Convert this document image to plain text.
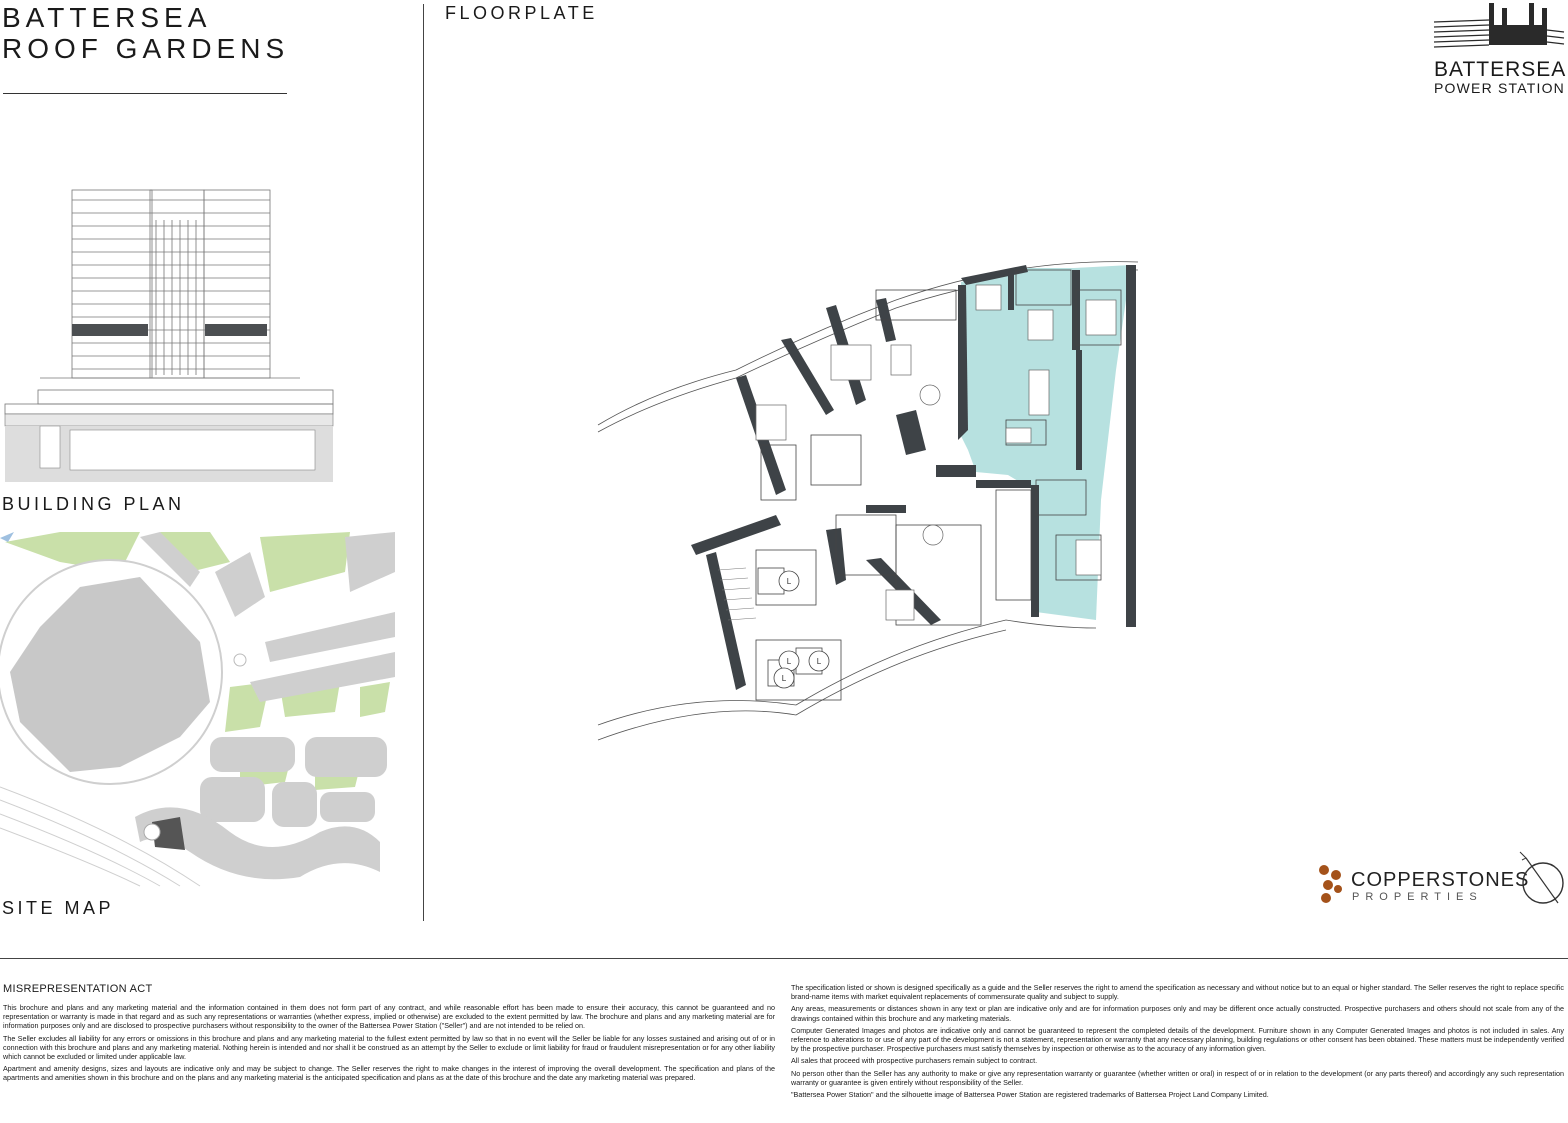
BATTERSEA
ROOF GARDENS
FLOORPLATE
BUILDING PLAN
SITE MAP
BATTERSEA
POWER STATION
L
L	L
L
COPPERSTONES
PROPERTIES
MISREPRESENTATION ACT

This brochure and plans and any marketing material and the information contained in them does not form part of any contract, and while reasonable effort has been made to ensure their accuracy, this cannot be guaranteed and no representation or warranty is made in that regard and as such any representations or warranties (whether express, implied or otherwise) are excluded to the extent permitted by law. The brochure and plans and any marketing material are for information purposes only and are disclosed to prospective purchasers without responsibility to the owner of the Battersea Power Station ("Seller") and are not intended to be relied on.

The Seller excludes all liability for any errors or omissions in this brochure and plans and any marketing material to the fullest extent permitted by law so that in no event will the Seller be liable for any losses sustained and arising out of or in connection with this brochure and plans and any marketing material. Nothing herein is intended and nor shall it be construed as an attempt by the Seller to exclude or limit liability for fraud or fraudulent misrepresentation or for any other liability which cannot be excluded or limited under applicable law.

Apartment and amenity designs, sizes and layouts are indicative only and may be subject to change. The Seller reserves the right to make changes in the interest of improving the overall development. The specification and plans of the apartments and amenities shown in this brochure and on the plans and any marketing material is the anticipated specification and plans as at the date of this brochure and the date any marketing material was prepared.

The specification listed or shown is designed specifically as a guide and the Seller reserves the right to amend the specification as necessary and without notice but to an equal or higher standard. The Seller reserves the right to replace specific brand-name items with market equivalent replacements of commensurate quality and subject to supply.

Any areas, measurements or distances shown in any text or plan are indicative only and are for information purposes only and may be different once actually constructed. Prospective purchasers and others should not scale from any of the drawings contained within this brochure and any marketing materials.

Computer Generated Images and photos are indicative only and cannot be guaranteed to represent the completed details of the development. Furniture shown in any Computer Generated Images and photos is not included in sales. Any reference to alterations to or use of any part of the development is not a statement, representation or warranty that any necessary planning, building regulations or other consent has been obtained. These matters must be independently verified by the prospective purchaser. Prospective purchasers must satisfy themselves by inspection or otherwise as to the accuracy of any information given.

All sales that proceed with prospective purchasers remain subject to contract.

No person other than the Seller has any authority to make or give any representation warranty or guarantee (whether written or oral) in respect of or in relation to the development (or any parts thereof) and accordingly any such representation warranty or guarantee is given entirely without responsibility of the Seller.

"Battersea Power Station" and the silhouette image of Battersea Power Station are registered trademarks of Battersea Project Land Company Limited.
